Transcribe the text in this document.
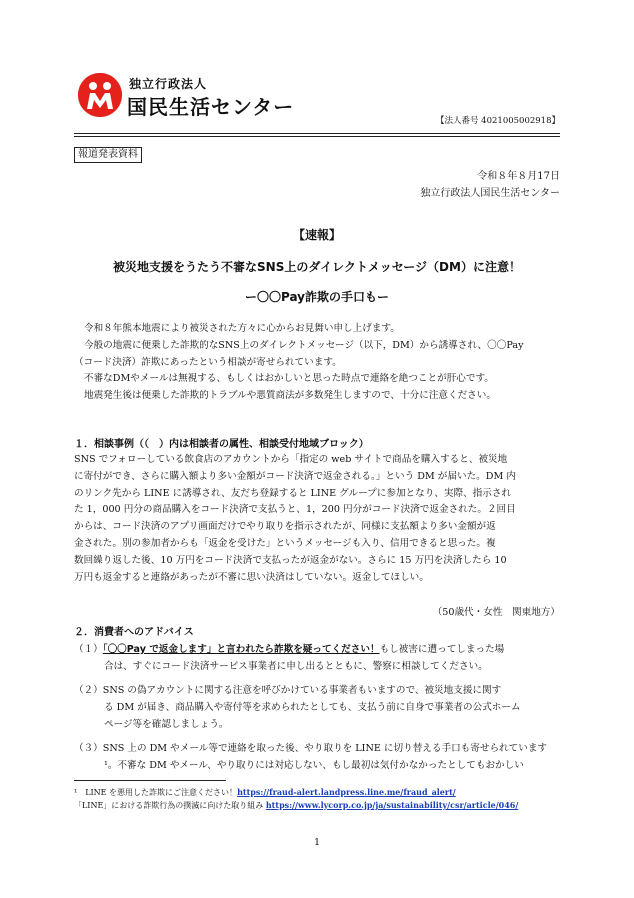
独立行政法人
国民生活センター
【法人番号 4021005002918】
報道発表資料
令和８年８月17日
独立行政法人国民生活センター
【速報】
被災地支援をうたう不審なSNS上のダイレクトメッセージ（DM）に注意！
ー〇〇Pay詐欺の手口もー
令和８年熊本地震により被災された方々に心からお見舞い申し上げます。
今般の地震に便乗した詐欺的なSNS上のダイレクトメッセージ（以下，DM）から誘導され、〇〇Pay
（コード決済）詐欺にあったという相談が寄せられています。
不審なDMやメールは無視する、もしくはおかしいと思った時点で連絡を絶つことが肝心です。
地震発生後は便乗した詐欺的トラブルや悪質商法が多数発生しますので、十分に注意ください。
１．相談事例（（　）内は相談者の属性、相談受付地域ブロック）
SNS でフォローしている飲食店のアカウントから「指定の web サイトで商品を購入すると、被災地
に寄付ができ、さらに購入額より多い金額がコード決済で返金される。」という DM が届いた。DM 内
のリンク先から LINE に誘導され、友だち登録すると LINE グループに参加となり、実際、指示され
た 1，000 円分の商品購入をコード決済で支払うと、1，200 円分がコード決済で返金された。２回目
からは、コード決済のアプリ画面だけでやり取りを指示されたが、同様に支払額より多い金額が返
金された。別の参加者からも「返金を受けた」というメッセージも入り、信用できると思った。複
数回繰り返した後、10 万円をコード決済で支払ったが返金がない。さらに 15 万円を決済したら 10
万円も返金すると連絡があったが不審に思い決済はしていない。返金してほしい。
（50歳代・女性　関東地方）
２．消費者へのアドバイス
（１）「〇〇Pay で返金します」と言われたら詐欺を疑ってください！もし被害に遭ってしまった場
合は、すぐにコード決済サービス事業者に申し出るとともに、警察に相談してください。
（２）SNS の偽アカウントに関する注意を呼びかけている事業者もいますので、被災地支援に関す
る DM が届き、商品購入や寄付等を求められたとしても、支払う前に自身で事業者の公式ホーム
ページ等を確認しましょう。
（３）SNS 上の DM やメール等で連絡を取った後、やり取りを LINE に切り替える手口も寄せられています
¹。不審な DM やメール、やり取りには対応しない、もし最初は気付かなかったとしてもおかしい
¹　LINE を悪用した詐欺にご注意ください！https://fraud-alert.landpress.line.me/fraud_alert/
「LINE」における詐欺行為の撲滅に向けた取り組み https://www.lycorp.co.jp/ja/sustainability/csr/article/046/
1
